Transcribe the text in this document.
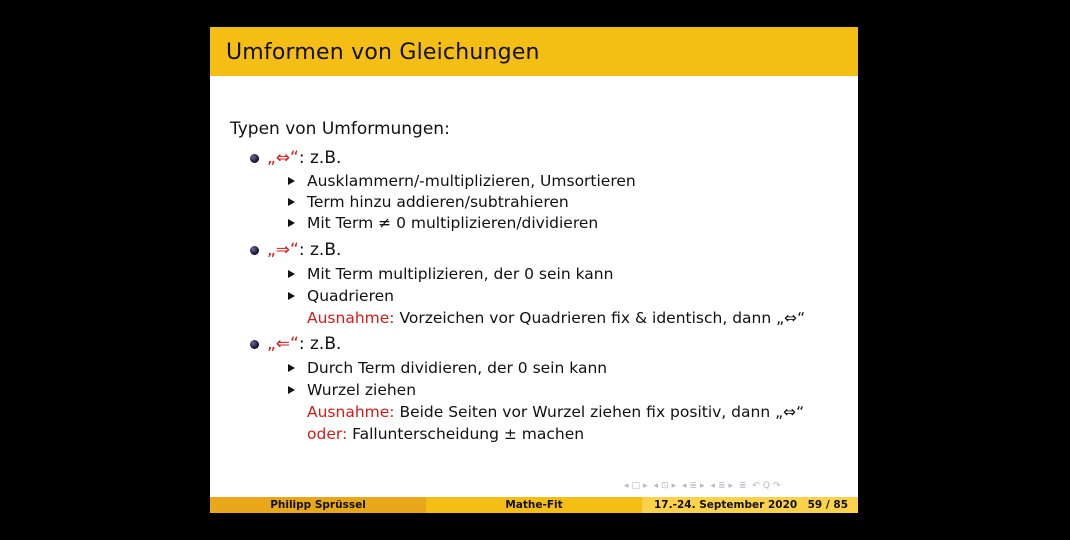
Umformen von Gleichungen
Typen von Umformungen:
„⇔“: z.B.
Ausklammern/-multiplizieren, Umsortieren
Term hinzu addieren/subtrahieren
Mit Term ≠ 0 multiplizieren/dividieren
„⇒“: z.B.
Mit Term multiplizieren, der 0 sein kann
Quadrieren
Ausnahme: Vorzeichen vor Quadrieren fix & identisch, dann „⇔“
„⇐“: z.B.
Durch Term dividieren, der 0 sein kann
Wurzel ziehen
Ausnahme: Beide Seiten vor Wurzel ziehen fix positiv, dann „⇔“
oder: Fallunterscheidung ± machen
◂ □ ▸ ◂ ⊡ ▸ ◂ ≣ ▸ ◂ ≣ ▸ ≣ ↶ Q ↷
Philipp Sprüssel	Mathe-Fit	17.-24. September 2020 59 / 85
